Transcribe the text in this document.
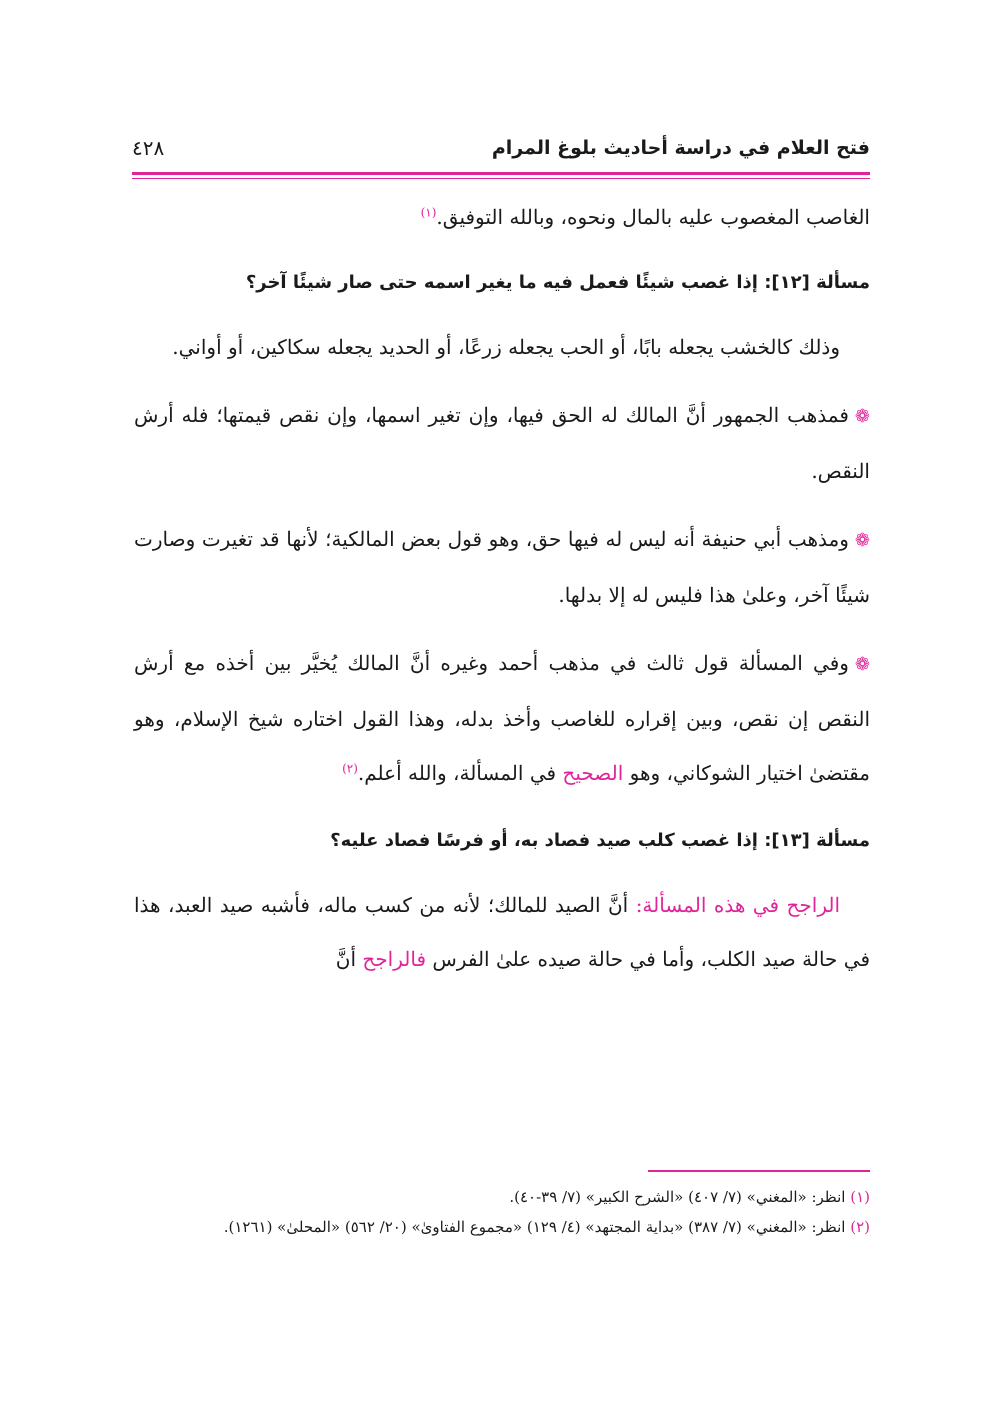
فتح العلام في دراسة أحاديث بلوغ المرام
٤٢٨

الغاصب المغصوب عليه بالمال ونحوه، وبالله التوفيق.$^{(١)}$

مسألة [١٢]: إذا غصب شيئًا فعمل فيه ما يغير اسمه حتى صار شيئًا آخر؟

وذلك كالخشب يجعله بابًا، أو الحب يجعله زرعًا، أو الحديد يجعله سكاكين، أو أواني.

❁فمذهب الجمهور أنَّ المالك له الحق فيها، وإن تغير اسمها، وإن نقص قيمتها؛ فله أرش النقص.

❁ومذهب أبي حنيفة أنه ليس له فيها حق، وهو قول بعض المالكية؛ لأنها قد تغيرت وصارت شيئًا آخر، وعلىٰ هذا فليس له إلا بدلها.

❁وفي المسألة قول ثالث في مذهب أحمد وغيره أنَّ المالك يُخيَّر بين أخذه مع أرش النقص إن نقص، وبين إقراره للغاصب وأخذ بدله، وهذا القول اختاره شيخ الإسلام، وهو مقتضىٰ اختيار الشوكاني، وهو الصحيح في المسألة، والله أعلم.$^{(٢)}$

مسألة [١٣]: إذا غصب كلب صيد فصاد به، أو فرسًا فصاد عليه؟

الراجح في هذه المسألة: أنَّ الصيد للمالك؛ لأنه من كسب ماله، فأشبه صيد العبد، هذا في حالة صيد الكلب، وأما في حالة صيده علىٰ الفرس فالراجح أنَّ

(١) انظر: «المغني» (٧/ ٤٠٧) «الشرح الكبير» (٧/ ٣٩-٤٠).
(٢) انظر: «المغني» (٧/ ٣٨٧) «بداية المجتهد» (٤/ ١٢٩) «مجموع الفتاوىٰ» (٢٠/ ٥٦٢) «المحلىٰ» (١٢٦١).
